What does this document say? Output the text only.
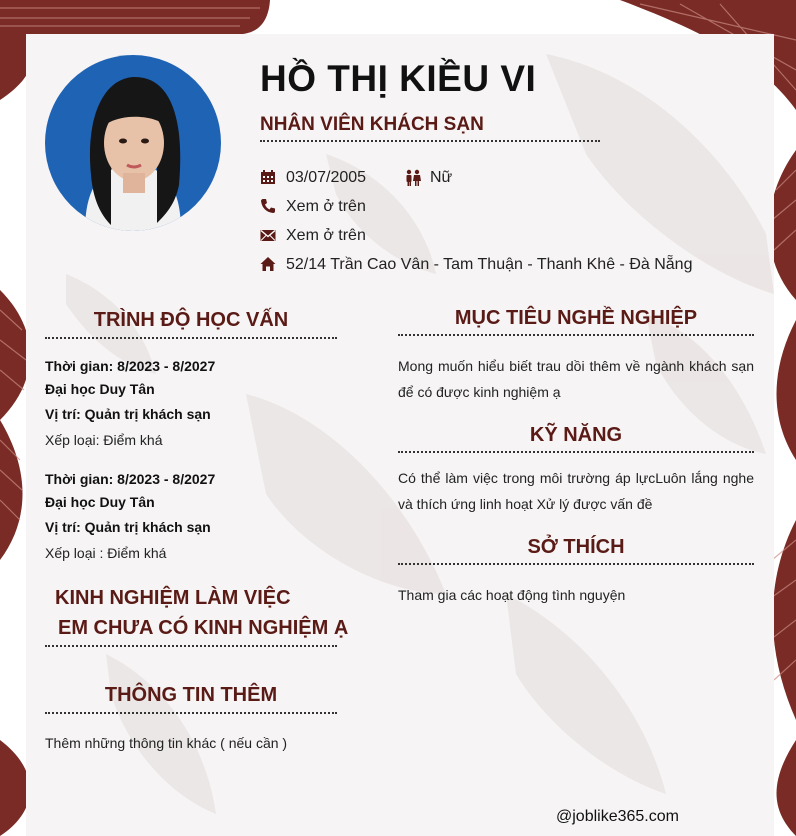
HỒ THỊ KIỀU VI
NHÂN VIÊN KHÁCH SẠN
03/07/2005	Nữ
Xem ở trên
Xem ở trên
52/14 Trần Cao Vân - Tam Thuận - Thanh Khê - Đà Nẵng
TRÌNH ĐỘ HỌC VẤN
Thời gian: 8/2023 - 8/2027
Đại học Duy Tân
Vị trí: Quản trị khách sạn
Xếp loại: Điểm khá
Thời gian: 8/2023 - 8/2027
Đại học Duy Tân
Vị trí: Quản trị khách sạn
Xếp loại : Điểm khá
KINH NGHIỆM LÀM VIỆC
EM CHƯA CÓ KINH NGHIỆM Ạ
THÔNG TIN THÊM
Thêm những thông tin khác ( nếu cần )
MỤC TIÊU NGHỀ NGHIỆP
Mong muốn hiểu biết trau dồi thêm về ngành khách sạn để có được kinh nghiệm ạ
KỸ NĂNG
Có thể làm việc trong môi trường áp lựcLuôn lắng nghe và thích ứng linh hoạt Xử lý được vấn đề
SỞ THÍCH
Tham gia các hoạt động tình nguyện
@joblike365.com
